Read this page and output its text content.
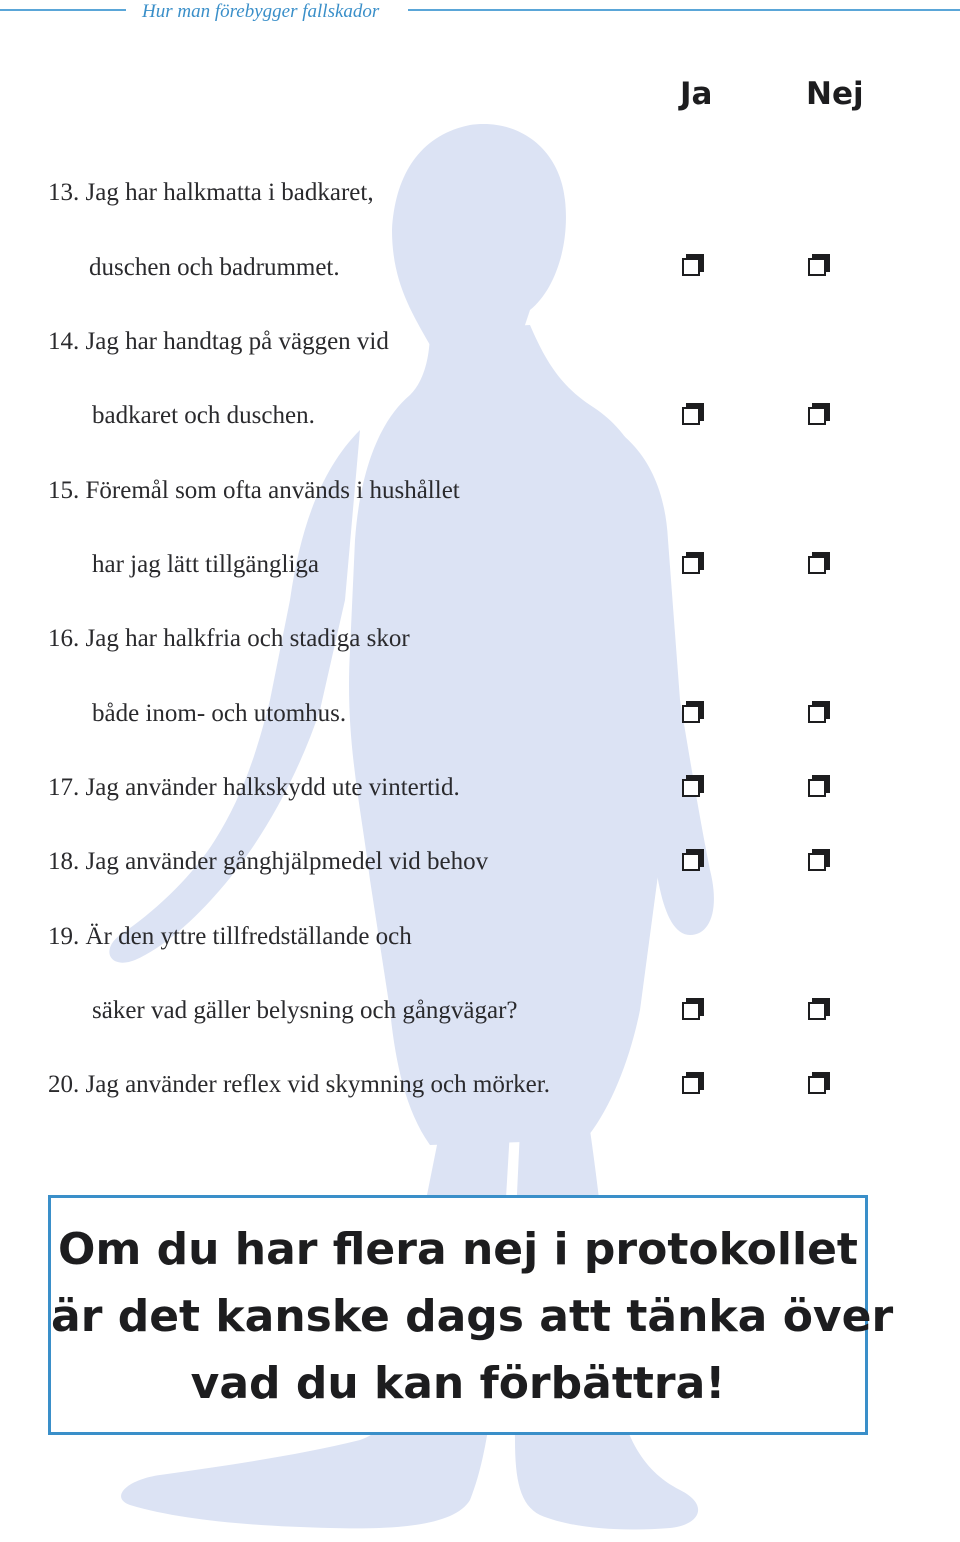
Hur man förebygger fallskador
Ja	Nej
13. Jag har halkmatta i badkaret,
duschen och badrummet.
14. Jag har handtag på väggen vid
badkaret och duschen.
15. Föremål som ofta används i hushållet
har jag lätt tillgängliga
16. Jag har halkfria och stadiga skor
både inom- och utomhus.
17. Jag använder halkskydd ute vintertid.
18. Jag använder gånghjälpmedel vid behov
19. Är den yttre tillfredställande och
säker vad gäller belysning och gångvägar?
20. Jag använder reflex vid skymning och mörker.
Om du har flera nej i protokollet
är det kanske dags att tänka över
vad du kan förbättra!
